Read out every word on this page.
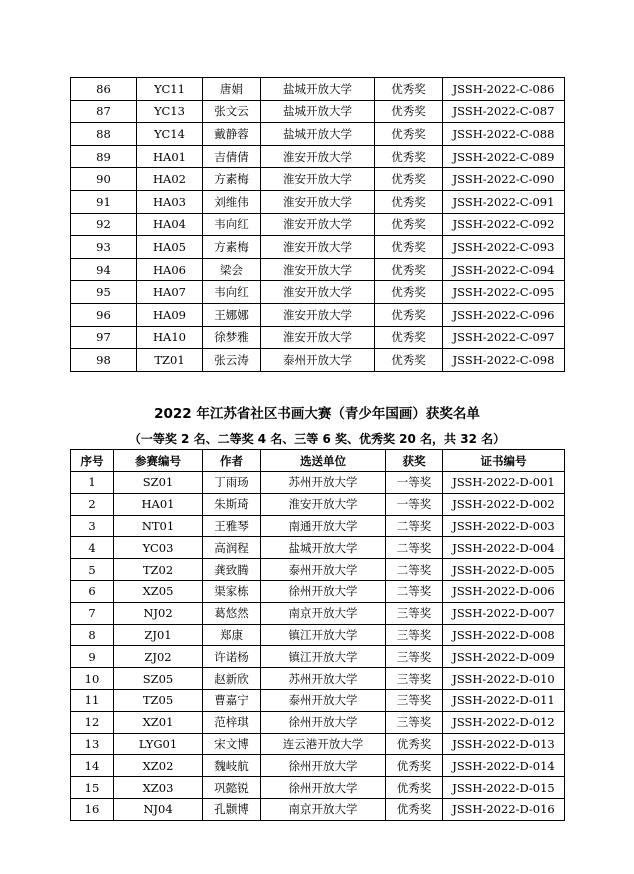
86	YC11	唐娟	盐城开放大学	优秀奖	JSSH-2022-C-086
87	YC13	张文云	盐城开放大学	优秀奖	JSSH-2022-C-087
88	YC14	戴静蓉	盐城开放大学	优秀奖	JSSH-2022-C-088
89	HA01	吉倩倩	淮安开放大学	优秀奖	JSSH-2022-C-089
90	HA02	方素梅	淮安开放大学	优秀奖	JSSH-2022-C-090
91	HA03	刘维伟	淮安开放大学	优秀奖	JSSH-2022-C-091
92	HA04	韦向红	淮安开放大学	优秀奖	JSSH-2022-C-092
93	HA05	方素梅	淮安开放大学	优秀奖	JSSH-2022-C-093
94	HA06	梁会	淮安开放大学	优秀奖	JSSH-2022-C-094
95	HA07	韦向红	淮安开放大学	优秀奖	JSSH-2022-C-095
96	HA09	王娜娜	淮安开放大学	优秀奖	JSSH-2022-C-096
97	HA10	徐梦雅	淮安开放大学	优秀奖	JSSH-2022-C-097
98	TZ01	张云涛	泰州开放大学	优秀奖	JSSH-2022-C-098
2022 年江苏省社区书画大赛（青少年国画）获奖名单
（一等奖 2 名、二等奖 4 名、三等 6 奖、优秀奖 20 名，共 32 名）
序号	参赛编号	作者	选送单位	获奖	证书编号
1	SZ01	丁雨玚	苏州开放大学	一等奖	JSSH-2022-D-001
2	HA01	朱斯琦	淮安开放大学	一等奖	JSSH-2022-D-002
3	NT01	王雅琴	南通开放大学	二等奖	JSSH-2022-D-003
4	YC03	高润程	盐城开放大学	二等奖	JSSH-2022-D-004
5	TZ02	龚致腾	泰州开放大学	二等奖	JSSH-2022-D-005
6	XZ05	渠家栋	徐州开放大学	二等奖	JSSH-2022-D-006
7	NJ02	葛悠然	南京开放大学	三等奖	JSSH-2022-D-007
8	ZJ01	郑康	镇江开放大学	三等奖	JSSH-2022-D-008
9	ZJ02	许诺杨	镇江开放大学	三等奖	JSSH-2022-D-009
10	SZ05	赵新欣	苏州开放大学	三等奖	JSSH-2022-D-010
11	TZ05	曹嘉宁	泰州开放大学	三等奖	JSSH-2022-D-011
12	XZ01	范梓琪	徐州开放大学	三等奖	JSSH-2022-D-012
13	LYG01	宋文博	连云港开放大学	优秀奖	JSSH-2022-D-013
14	XZ02	魏岐航	徐州开放大学	优秀奖	JSSH-2022-D-014
15	XZ03	巩懿锐	徐州开放大学	优秀奖	JSSH-2022-D-015
16	NJ04	孔颢博	南京开放大学	优秀奖	JSSH-2022-D-016
